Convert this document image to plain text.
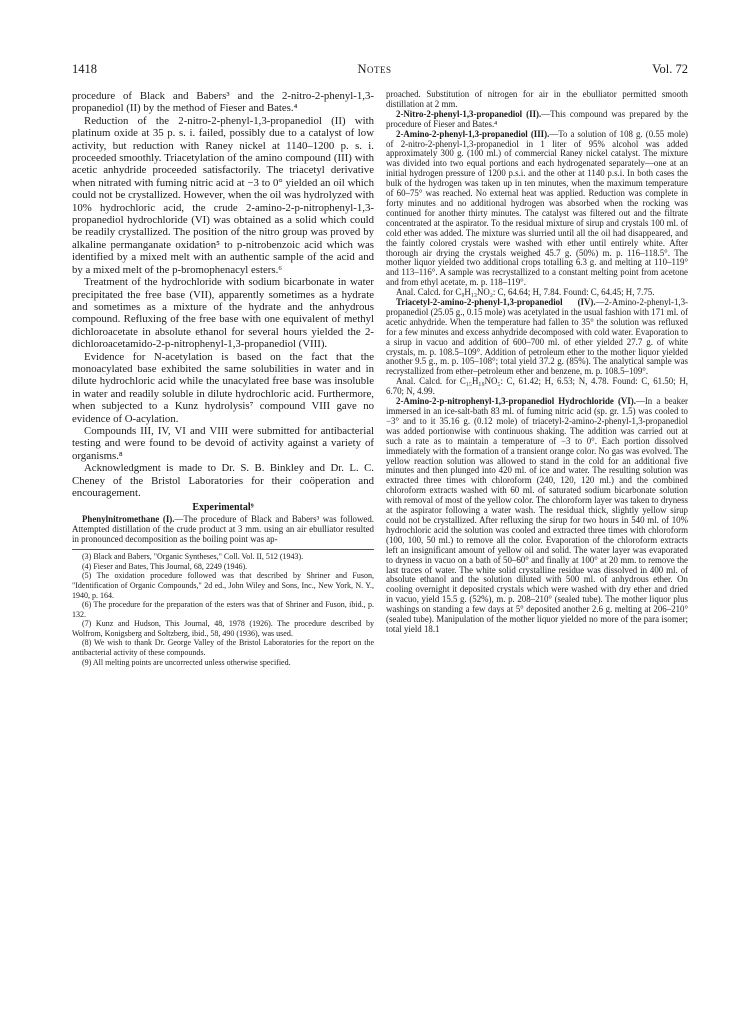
1418	Notes	Vol. 72

procedure of Black and Babers³ and the 2-nitro-2-phenyl-1,3-propanediol (II) by the method of Fieser and Bates.⁴

Reduction of the 2-nitro-2-phenyl-1,3-propanediol (II) with platinum oxide at 35 p. s. i. failed, possibly due to a catalyst of low activity, but reduction with Raney nickel at 1140–1200 p. s. i. proceeded smoothly. Triacetylation of the amino compound (III) with acetic anhydride proceeded satisfactorily. The triacetyl derivative when nitrated with fuming nitric acid at −3 to 0° yielded an oil which could not be crystallized. However, when the oil was hydrolyzed with 10% hydrochloric acid, the crude 2-amino-2-p-nitrophenyl-1,3-propanediol hydrochloride (VI) was obtained as a solid which could be readily crystallized. The position of the nitro group was proved by alkaline permanganate oxidation⁵ to p-nitrobenzoic acid which was identified by a mixed melt with an authentic sample of the acid and by a mixed melt of the p-bromophenacyl esters.⁶

Treatment of the hydrochloride with sodium bicarbonate in water precipitated the free base (VII), apparently sometimes as a hydrate and sometimes as a mixture of the hydrate and the anhydrous compound. Refluxing of the free base with one equivalent of methyl dichloroacetate in absolute ethanol for several hours yielded the 2-dichloroacetamido-2-p-nitrophenyl-1,3-propanediol (VIII).

Evidence for N-acetylation is based on the fact that the monoacylated base exhibited the same solubilities in water and in dilute hydrochloric acid while the unacylated free base was insoluble in water and readily soluble in dilute hydrochloric acid. Furthermore, when subjected to a Kunz hydrolysis⁷ compound VIII gave no evidence of O-acylation.

Compounds III, IV, VI and VIII were submitted for antibacterial testing and were found to be devoid of activity against a variety of organisms.⁸

Acknowledgment is made to Dr. S. B. Binkley and Dr. L. C. Cheney of the Bristol Laboratories for their coöperation and encouragement.

Experimental⁹

Phenylnitromethane (I).—The procedure of Black and Babers³ was followed. Attempted distillation of the crude product at 3 mm. using an air ebulliator resulted in pronounced decomposition as the boiling point was ap-

(3) Black and Babers, "Organic Syntheses," Coll. Vol. II, 512 (1943).

(4) Fieser and Bates, This Journal, 68, 2249 (1946).

(5) The oxidation procedure followed was that described by Shriner and Fuson, "Identification of Organic Compounds," 2d ed., John Wiley and Sons, Inc., New York, N. Y., 1940, p. 164.

(6) The procedure for the preparation of the esters was that of Shriner and Fuson, ibid., p. 132.

(7) Kunz and Hudson, This Journal, 48, 1978 (1926). The procedure described by Wolfrom, Konigsberg and Soltzberg, ibid., 58, 490 (1936), was used.

(8) We wish to thank Dr. George Valley of the Bristol Laboratories for the report on the antibacterial activity of these compounds.

(9) All melting points are uncorrected unless otherwise specified.

proached. Substitution of nitrogen for air in the ebulliator permitted smooth distillation at 2 mm.

2-Nitro-2-phenyl-1,3-propanediol (II).—This compound was prepared by the procedure of Fieser and Bates.⁴

2-Amino-2-phenyl-1,3-propanediol (III).—To a solution of 108 g. (0.55 mole) of 2-nitro-2-phenyl-1,3-propanediol in 1 liter of 95% alcohol was added approximately 300 g. (100 ml.) of commercial Raney nickel catalyst. The mixture was divided into two equal portions and each hydrogenated separately—one at an initial hydrogen pressure of 1200 p.s.i. and the other at 1140 p.s.i. In both cases the bulk of the hydrogen was taken up in ten minutes, when the maximum temperature of 60–75° was reached. No external heat was applied. Reduction was complete in forty minutes and no additional hydrogen was absorbed when the rocking was continued for another thirty minutes. The catalyst was filtered out and the filtrate concentrated at the aspirator. To the residual mixture of sirup and crystals 100 ml. of cold ether was added. The mixture was slurried until all the oil had disappeared, and the faintly colored crystals were washed with ether until entirely white. After thorough air drying the crystals weighed 45.7 g. (50%) m. p. 116–118.5°. The mother liquor yielded two additional crops totalling 6.3 g. and melting at 110–119° and 113–116°. A sample was recrystallized to a constant melting point from acetone and from ethyl acetate, m. p. 118–119°.

Anal. Calcd. for C₉H₁₃NO₂: C, 64.64; H, 7.84. Found: C, 64.45; H, 7.75.

Triacetyl-2-amino-2-phenyl-1,3-propanediol (IV).—2-Amino-2-phenyl-1,3-propanediol (25.05 g., 0.15 mole) was acetylated in the usual fashion with 171 ml. of acetic anhydride. When the temperature had fallen to 35° the solution was refluxed for a few minutes and excess anhydride decomposed with cold water. Evaporation to a sirup in vacuo and addition of 600–700 ml. of ether yielded 27.7 g. of white crystals, m. p. 108.5–109°. Addition of petroleum ether to the mother liquor yielded another 9.5 g., m. p. 105–108°; total yield 37.2 g. (85%). The analytical sample was recrystallized from ether–petroleum ether and benzene, m. p. 108.5–109°.

Anal. Calcd. for C₁₅H₁₉NO₅: C, 61.42; H, 6.53; N, 4.78. Found: C, 61.50; H, 6.70; N, 4.99.

2-Amino-2-p-nitrophenyl-1,3-propanediol Hydrochloride (VI).—In a beaker immersed in an ice-salt-bath 83 ml. of fuming nitric acid (sp. gr. 1.5) was cooled to −3° and to it 35.16 g. (0.12 mole) of triacetyl-2-amino-2-phenyl-1,3-propanediol was added portionwise with continuous shaking. The addition was carried out at such a rate as to maintain a temperature of −3 to 0°. Each portion dissolved immediately with the formation of a transient orange color. No gas was evolved. The yellow reaction solution was allowed to stand in the cold for an additional five minutes and then plunged into 420 ml. of ice and water. The resulting solution was extracted three times with chloroform (240, 120, 120 ml.) and the combined chloroform extracts washed with 60 ml. of saturated sodium bicarbonate solution with removal of most of the yellow color. The chloroform layer was taken to dryness at the aspirator following a water wash. The residual thick, slightly yellow sirup could not be crystallized. After refluxing the sirup for two hours in 540 ml. of 10% hydrochloric acid the solution was cooled and extracted three times with chloroform (100, 100, 50 ml.) to remove all the color. Evaporation of the chloroform extracts left an insignificant amount of yellow oil and solid. The water layer was evaporated to dryness in vacuo on a bath of 50–60° and finally at 100° at 20 mm. to remove the last traces of water. The white solid crystalline residue was dissolved in 400 ml. of absolute ethanol and the solution diluted with 500 ml. of anhydrous ether. On cooling overnight it deposited crystals which were washed with dry ether and dried in vacuo, yield 15.5 g. (52%), m. p. 208–210° (sealed tube). The mother liquor plus washings on standing a few days at 5° deposited another 2.6 g. melting at 206–210° (sealed tube). Manipulation of the mother liquor yielded no more of the para isomer; total yield 18.1
